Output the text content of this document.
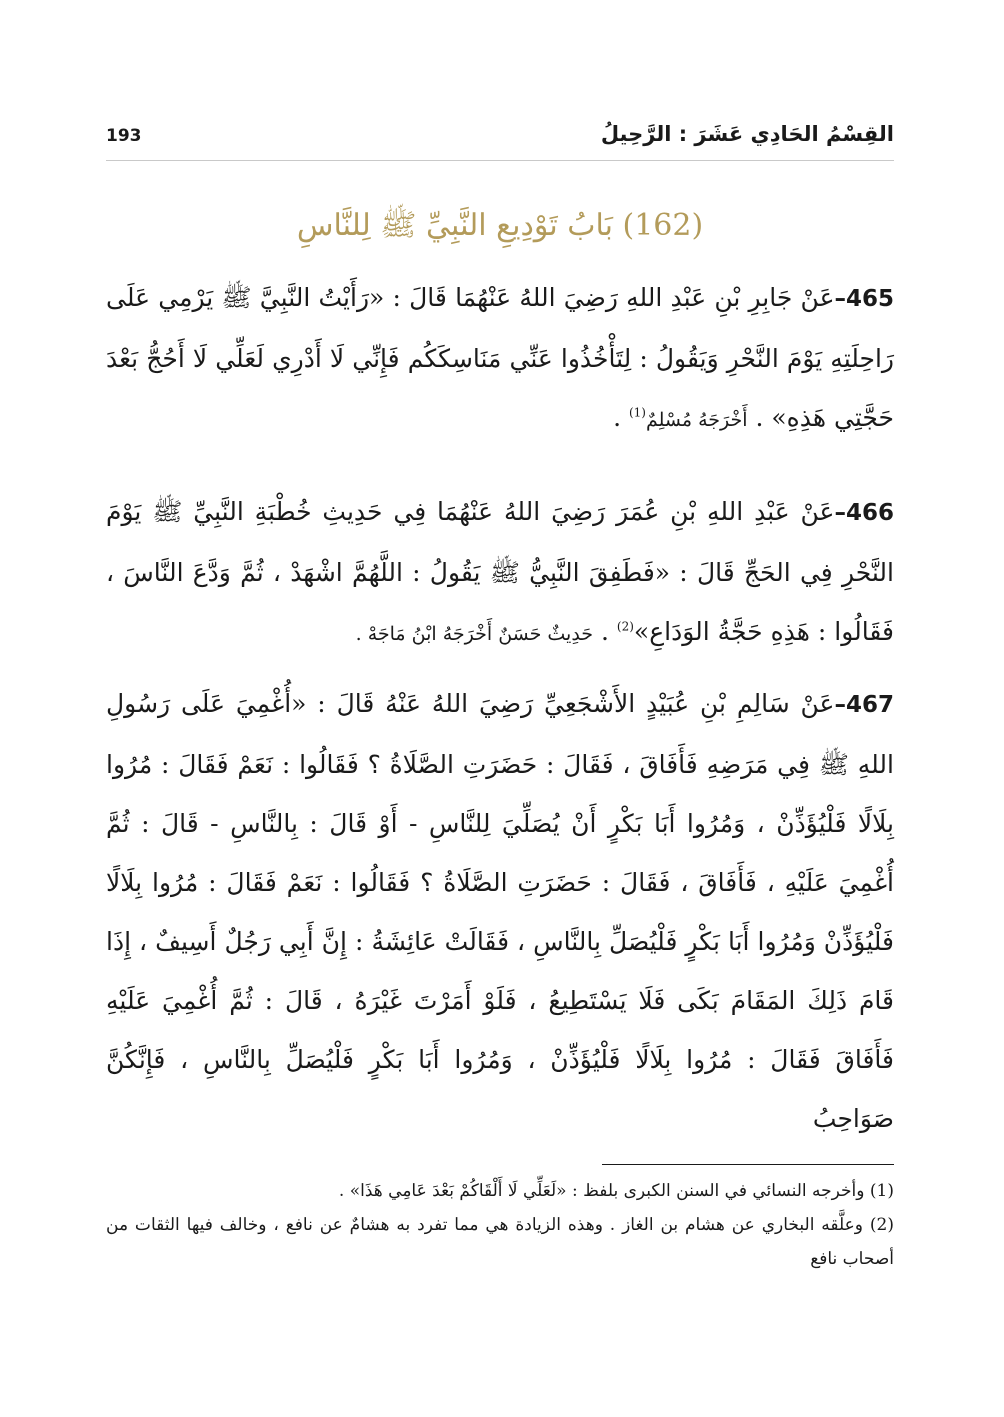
القِسْمُ الحَادِي عَشَرَ : الرَّحِيلُ
193
(162) بَابُ تَوْدِيعِ النَّبِيِّ ﷺ لِلنَّاسِ
465–عَنْ جَابِرِ بْنِ عَبْدِ اللهِ رَضِيَ اللهُ عَنْهُمَا قَالَ : «رَأَيْتُ النَّبِيَّ ﷺ يَرْمِي عَلَى رَاحِلَتِهِ يَوْمَ النَّحْرِ وَيَقُولُ : لِتَأْخُذُوا عَنِّي مَنَاسِكَكُم فَإِنِّي لَا أَدْرِي لَعَلِّي لَا أَحُجُّ بَعْدَ حَجَّتِي هَذِهِ» . أَخْرَجَهُ مُسْلِمٌ$^{(1)}$ .
466–عَنْ عَبْدِ اللهِ بْنِ عُمَرَ رَضِيَ اللهُ عَنْهُمَا فِي حَدِيثِ خُطْبَةِ النَّبِيِّ ﷺ يَوْمَ النَّحْرِ فِي الحَجِّ قَالَ : «فَطَفِقَ النَّبِيُّ ﷺ يَقُولُ : اللَّهُمَّ اشْهَدْ ، ثُمَّ وَدَّعَ النَّاسَ ، فَقَالُوا : هَذِهِ حَجَّةُ الوَدَاعِ»$^{(2)}$ . حَدِيثٌ حَسَنٌ أَخْرَجَهُ ابْنُ مَاجَهْ .
467–عَنْ سَالِمِ بْنِ عُبَيْدٍ الأَشْجَعِيِّ رَضِيَ اللهُ عَنْهُ قَالَ : «أُغْمِيَ عَلَى رَسُولِ اللهِ ﷺ فِي مَرَضِهِ فَأَفَاقَ ، فَقَالَ : حَضَرَتِ الصَّلَاةُ ؟ فَقَالُوا : نَعَمْ فَقَالَ : مُرُوا بِلَالًا فَلْيُؤَذِّنْ ، وَمُرُوا أَبَا بَكْرٍ أَنْ يُصَلِّيَ لِلنَّاسِ - أَوْ قَالَ : بِالنَّاسِ - قَالَ : ثُمَّ أُغْمِيَ عَلَيْهِ ، فَأَفَاقَ ، فَقَالَ : حَضَرَتِ الصَّلَاةُ ؟ فَقَالُوا : نَعَمْ فَقَالَ : مُرُوا بِلَالًا فَلْيُؤَذِّنْ وَمُرُوا أَبَا بَكْرٍ فَلْيُصَلِّ بِالنَّاسِ ، فَقَالَتْ عَائِشَةُ : إِنَّ أَبِي رَجُلٌ أَسِيفٌ ، إِذَا قَامَ ذَلِكَ المَقَامَ بَكَى فَلَا يَسْتَطِيعُ ، فَلَوْ أَمَرْتَ غَيْرَهُ ، قَالَ : ثُمَّ أُغْمِيَ عَلَيْهِ فَأَفَاقَ فَقَالَ : مُرُوا بِلَالًا فَلْيُؤَذِّنْ ، وَمُرُوا أَبَا بَكْرٍ فَلْيُصَلِّ بِالنَّاسِ ، فَإِنَّكُنَّ صَوَاحِبُ

(1) وأخرجه النسائي في السنن الكبرى بلفظ : «لَعَلِّي لَا أَلْقَاكُمْ بَعْدَ عَامِي هَذَا» .

(2) وعلَّقه البخاري عن هشام بن الغاز . وهذه الزيادة هي مما تفرد به هشامٌ عن نافع ، وخالف فيها الثقات من أصحاب نافع
